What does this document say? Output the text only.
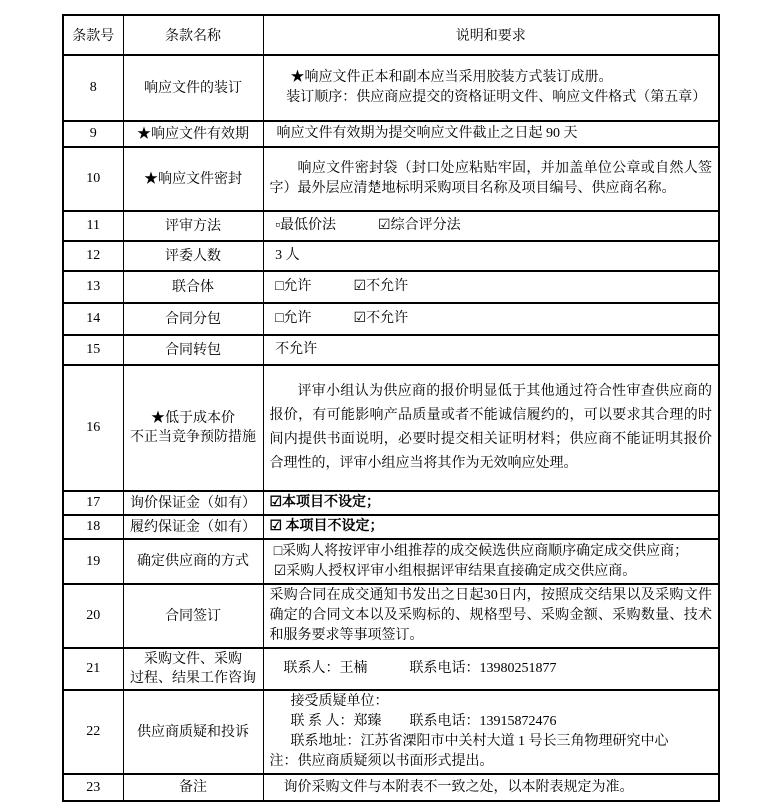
条款号	条款名称	说明和要求
8	响应文件的装订	★响应文件正本和副本应当采用胶装方式装订成册。
装订顺序：供应商应提交的资格证明文件、响应文件格式（第五章）

9	★响应文件有效期	响应文件有效期为提交响应文件截止之日起 90 天

10	★响应文件密封	响应文件密封袋（封口处应粘贴牢固，并加盖单位公章或自然人签字）最外层应清楚地标明采购项目名称及项目编号、供应商名称。

11	评审方法	▫最低价法　　　☑综合评分法

12	评委人数	3 人

13	联合体	□允许　　　☑不允许

14	合同分包	□允许　　　☑不允许

15	合同转包	不允许

16	★低于成本价
不正当竞争预防措施	评审小组认为供应商的报价明显低于其他通过符合性审查供应商的报价，有可能影响产品质量或者不能诚信履约的，可以要求其合理的时间内提供书面说明，必要时提交相关证明材料；供应商不能证明其报价合理性的，评审小组应当将其作为无效响应处理。

17	询价保证金（如有）	☑本项目不设定；

18	履约保证金（如有）	☑ 本项目不设定；

19	确定供应商的方式	□采购人将按评审小组推荐的成交候选供应商顺序确定成交供应商；
☑采购人授权评审小组根据评审结果直接确定成交供应商。

20	合同签订	采购合同在成交通知书发出之日起30日内，按照成交结果以及采购文件确定的合同文本以及采购标的、规格型号、采购金额、采购数量、技术和服务要求等事项签订。

21	采购文件、采购
过程、结果工作咨询	联系人：王楠　　　联系电话：13980251877

22	供应商质疑和投诉	接受质疑单位：
联 系 人：郑臻　　联系电话：13915872476
联系地址：江苏省溧阳市中关村大道 1 号长三角物理研究中心
注：供应商质疑须以书面形式提出。

23	备注	询价采购文件与本附表不一致之处，以本附表规定为准。
